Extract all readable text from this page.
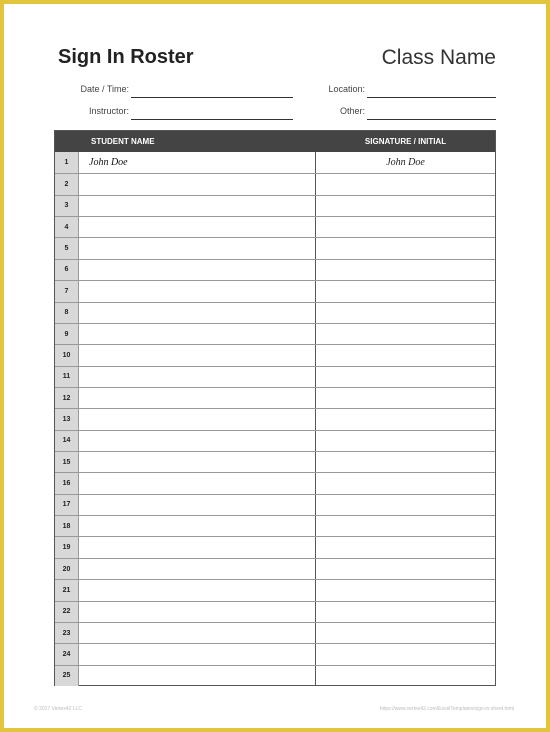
Sign In Roster	Class Name
Date / Time:
Instructor:
Location:
Other:
STUDENT NAME	SIGNATURE / INITIAL
1	John Doe	John Doe
2
3
4
5
6
7
8
9
10
11
12
13
14
15
16
17
18
19
20
21
22
23
24
25
© 2017 Vertex42 LLC	https://www.vertex42.com/ExcelTemplates/sign-in-sheet.html
